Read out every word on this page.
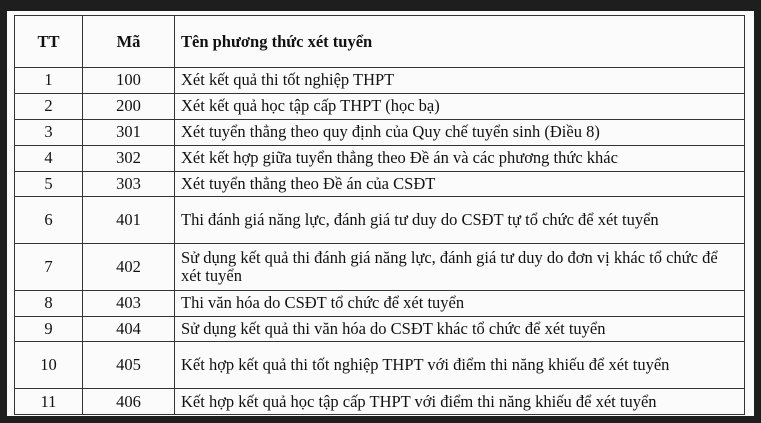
TT	Mã	Tên phương thức xét tuyển
1	100	Xét kết quả thi tốt nghiệp THPT
2	200	Xét kết quả học tập cấp THPT (học bạ)
3	301	Xét tuyển thẳng theo quy định của Quy chế tuyển sinh (Điều 8)
4	302	Xét kết hợp giữa tuyển thẳng theo Đề án và các phương thức khác
5	303	Xét tuyển thẳng theo Đề án của CSĐT
6	401	Thi đánh giá năng lực, đánh giá tư duy do CSĐT tự tổ chức để xét tuyển
7	402	Sử dụng kết quả thi đánh giá năng lực, đánh giá tư duy do đơn vị khác tổ chức để xét tuyển
8	403	Thi văn hóa do CSĐT tổ chức để xét tuyển
9	404	Sử dụng kết quả thi văn hóa do CSĐT khác tổ chức để xét tuyển
10	405	Kết hợp kết quả thi tốt nghiệp THPT với điểm thi năng khiếu để xét tuyển
11	406	Kết hợp kết quả học tập cấp THPT với điểm thi năng khiếu để xét tuyển
